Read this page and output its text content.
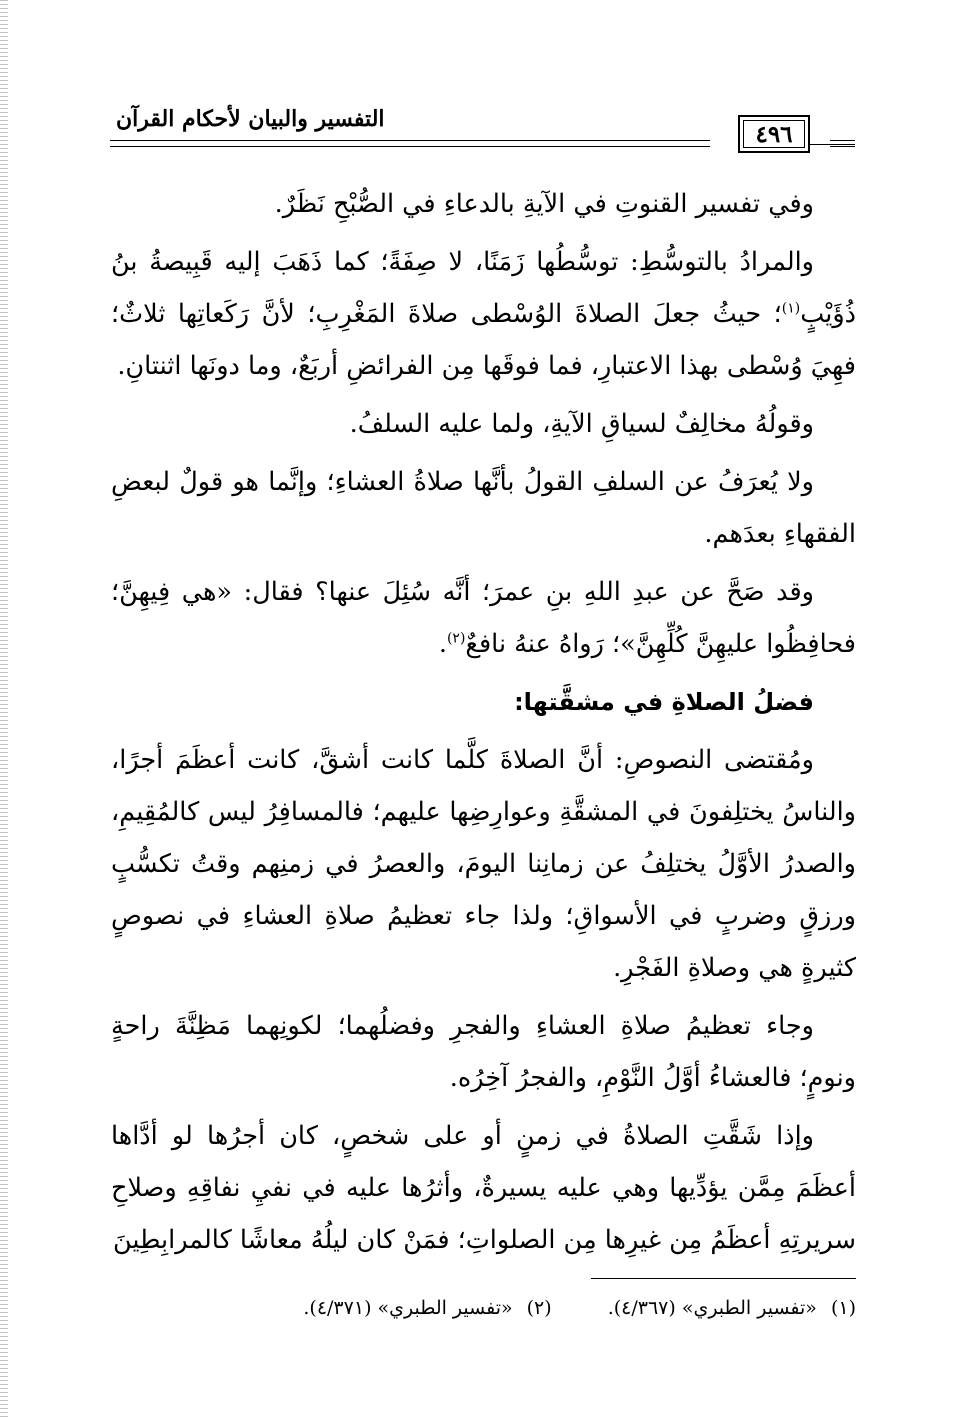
التفسير والبيان لأحكام القرآن
٤٩٦

وفي تفسير القنوتِ في الآيةِ بالدعاءِ في الصُّبْحِ نَظَرٌ.

والمرادُ بالتوسُّطِ: توسُّطُها زَمَنًا، لا صِفَةً؛ كما ذَهَبَ إليه قَبِيصةُ بنُ ذُؤَيْبٍ$^{(١)}$؛ حيثُ جعلَ الصلاةَ الوُسْطى صلاةَ المَغْرِبِ؛ لأنَّ رَكَعاتِها ثلاثٌ؛ فهِيَ وُسْطى بهذا الاعتبارِ، فما فوقَها مِن الفرائضِ أربَعٌ، وما دونَها اثنتانِ.

وقولُهُ مخالِفٌ لسياقِ الآيةِ، ولما عليه السلفُ.

ولا يُعرَفُ عن السلفِ القولُ بأنَّها صلاةُ العشاءِ؛ وإنَّما هو قولٌ لبعضِ الفقهاءِ بعدَهم.

وقد صَحَّ عن عبدِ اللهِ بنِ عمرَ؛ أنَّه سُئِلَ عنها؟ فقال: «هي فِيهِنَّ؛ فحافِظُوا عليهِنَّ كُلِّهِنَّ»؛ رَواهُ عنهُ نافعٌ$^{(٢)}$.

فضلُ الصلاةِ في مشقَّتها:

ومُقتضى النصوصِ: أنَّ الصلاةَ كلَّما كانت أشقَّ، كانت أعظَمَ أجرًا، والناسُ يختلِفونَ في المشقَّةِ وعوارِضِها عليهم؛ فالمسافِرُ ليس كالمُقِيمِ، والصدرُ الأوَّلُ يختلِفُ عن زمانِنا اليومَ، والعصرُ في زمنِهم وقتُ تكسُّبٍ ورزقٍ وضربٍ في الأسواقِ؛ ولذا جاء تعظيمُ صلاةِ العشاءِ في نصوصٍ كثيرةٍ هي وصلاةِ الفَجْرِ.

وجاء تعظيمُ صلاةِ العشاءِ والفجرِ وفضلُهما؛ لكونِهما مَظِنَّةَ راحةٍ ونومٍ؛ فالعشاءُ أوَّلُ النَّوْمِ، والفجرُ آخِرُه.

وإذا شَقَّتِ الصلاةُ في زمنٍ أو على شخصٍ، كان أجرُها لو أدَّاها أعظَمَ مِمَّن يؤدِّيها وهي عليه يسيرةٌ، وأثرُها عليه في نفيِ نفاقِهِ وصلاحِ سريرتِهِ أعظَمُ مِن غيرِها مِن الصلواتِ؛ فمَنْ كان ليلُهُ معاشًا كالمرابِطِينَ

(١)«تفسير الطبري» (٤/٣٦٧).
(٢)«تفسير الطبري» (٤/٣٧١).
